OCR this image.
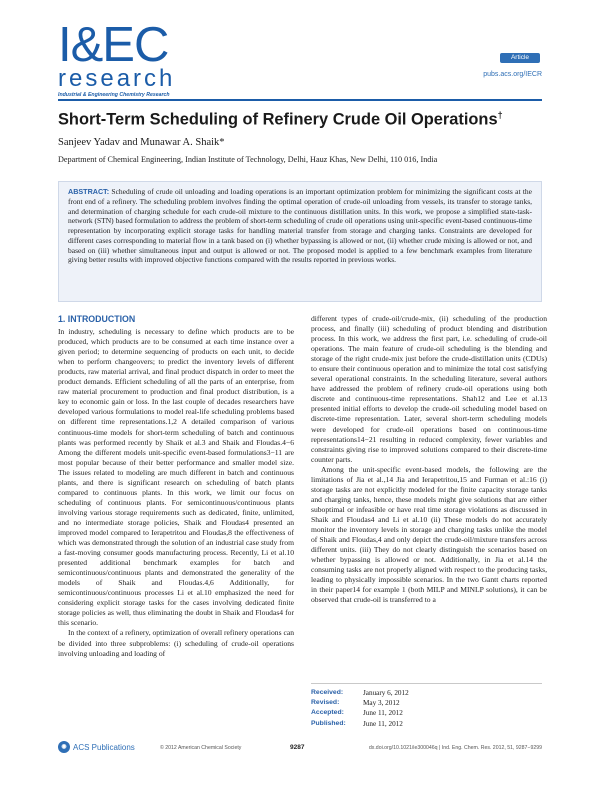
I&EC
research
Industrial & Engineering Chemistry Research
Article
pubs.acs.org/IECR
Short-Term Scheduling of Refinery Crude Oil Operations†
Sanjeev Yadav and Munawar A. Shaik*
Department of Chemical Engineering, Indian Institute of Technology, Delhi, Hauz Khas, New Delhi, 110 016, India
ABSTRACT: Scheduling of crude oil unloading and loading operations is an important optimization problem for minimizing the significant costs at the front end of a refinery. The scheduling problem involves finding the optimal operation of crude-oil unloading from vessels, its transfer to storage tanks, and determination of charging schedule for each crude-oil mixture to the continuous distillation units. In this work, we propose a simplified state-task-network (STN) based formulation to address the problem of short-term scheduling of crude oil operations using unit-specific event-based continuous-time representation by incorporating explicit storage tasks for handling material transfer from storage and charging tanks. Constraints are developed for different cases corresponding to material flow in a tank based on (i) whether bypassing is allowed or not, (ii) whether crude mixing is allowed or not, and based on (iii) whether simultaneous input and output is allowed or not. The proposed model is applied to a few benchmark examples from literature giving better results with improved objective functions compared with the results reported in previous works.
1. INTRODUCTION

In industry, scheduling is necessary to define which products are to be produced, which products are to be consumed at each time instance over a given period; to determine sequencing of products on each unit, to decide when to perform changeovers; to predict the inventory levels of different products, raw material arrival, and final product dispatch in order to meet the product demands. Efficient scheduling of all the parts of an enterprise, from raw material procurement to production and final product distribution, is a key to economic gain or loss. In the last couple of decades researchers have developed various formulations to model real-life scheduling problems based on different time representations.1,2 A detailed comparison of various continuous-time models for short-term scheduling of batch and continuous plants was performed recently by Shaik et al.3 and Shaik and Floudas.4−6 Among the different models unit-specific event-based formulations3−11 are most popular because of their better performance and smaller model size. The issues related to modeling are much different in batch and continuous plants, and there is significant research on scheduling of batch plants compared to continuous plants. In this work, we limit our focus on scheduling of continuous plants. For semicontinuous/continuous plants involving various storage requirements such as dedicated, finite, unlimited, and no intermediate storage policies, Shaik and Floudas4 presented an improved model compared to Ierapetritou and Floudas,8 the effectiveness of which was demonstrated through the solution of an industrial case study from a fast-moving consumer goods manufacturing process. Recently, Li et al.10 presented additional benchmark examples for batch and semicontinuous/continuous plants and demonstrated the generality of the models of Shaik and Floudas.4,6 Additionally, for semicontinuous/continuous processes Li et al.10 emphasized the need for considering explicit storage tasks for the cases involving dedicated finite storage policies as well, thus eliminating the doubt in Shaik and Floudas4 for this scenario.

In the context of a refinery, optimization of overall refinery operations can be divided into three subproblems: (i) scheduling of crude-oil operations involving unloading and loading of

different types of crude-oil/crude-mix, (ii) scheduling of the production process, and finally (iii) scheduling of product blending and distribution process. In this work, we address the first part, i.e. scheduling of crude-oil operations. The main feature of crude-oil scheduling is the blending and storage of the right crude-mix just before the crude-distillation units (CDUs) to ensure their continuous operation and to minimize the total cost satisfying several operational constraints. In the scheduling literature, several authors have addressed the problem of refinery crude-oil operations using both discrete and continuous-time representations. Shah12 and Lee et al.13 presented initial efforts to develop the crude-oil scheduling model based on discrete-time representation. Later, several short-term scheduling models were developed for crude-oil operations based on continuous-time representations14−21 resulting in reduced complexity, fewer variables and constraints giving rise to improved solutions compared to their discrete-time counter parts.

Among the unit-specific event-based models, the following are the limitations of Jia et al.,14 Jia and Ierapetritou,15 and Furman et al.:16 (i) storage tasks are not explicitly modeled for the finite capacity storage tanks and charging tanks, hence, these models might give solutions that are either suboptimal or infeasible or have real time storage violations as discussed in Shaik and Floudas4 and Li et al.10 (ii) These models do not accurately monitor the inventory levels in storage and charging tasks unlike the model of Shaik and Floudas,4 and only depict the crude-oil/mixture transfers across different units. (iii) They do not clearly distinguish the scenarios based on whether bypassing is allowed or not. Additionally, in Jia et al.14 the consuming tasks are not properly aligned with respect to the producing tasks, leading to physically impossible scenarios. In the two Gantt charts reported in their paper14 for example 1 (both MILP and MINLP solutions), it can be observed that crude-oil is transferred to a

Received:	January 6, 2012
Revised:	May 3, 2012
Accepted:	June 11, 2012
Published:	June 11, 2012
◉ ACS Publications	© 2012 American Chemical Society	9287	dx.doi.org/10.1021/ie300046q | Ind. Eng. Chem. Res. 2012, 51, 9287−9299
